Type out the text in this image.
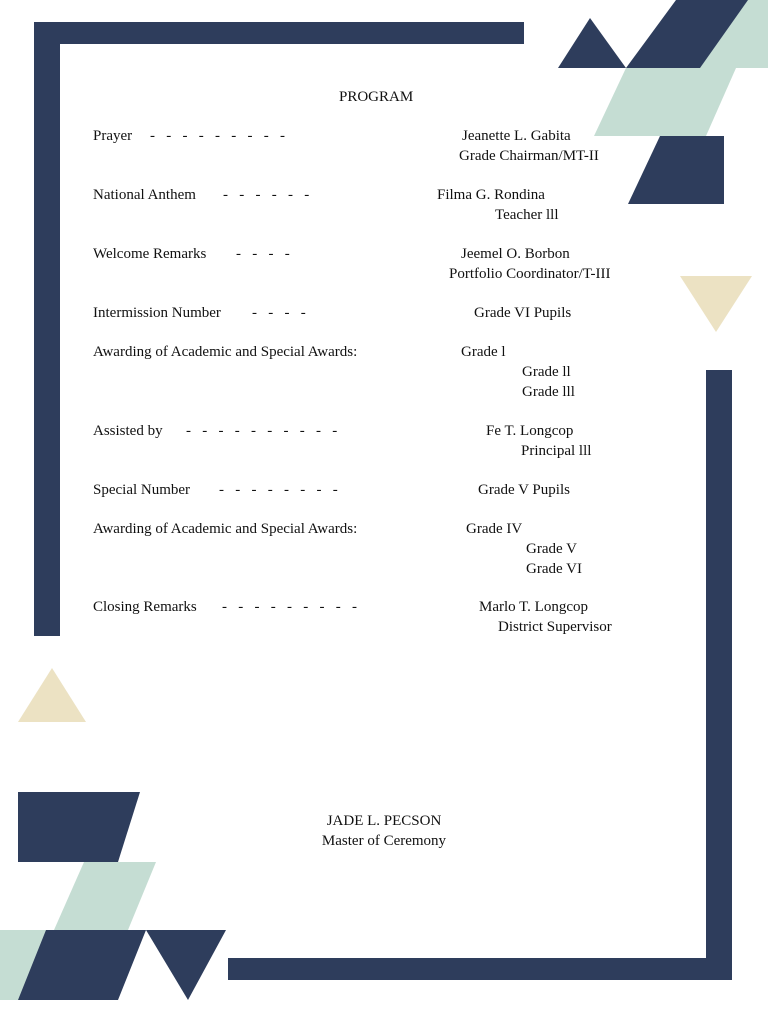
PROGRAM
Prayer -   -   -   -   -   -   -   -   -	Jeanette L. Gabita
Grade Chairman/MT-II
National Anthem -   -   -   -   -   -	Filma G. Rondina
Teacher lll
Welcome Remarks -   -   -   -	Jeemel O. Borbon
Portfolio Coordinator/T-III
Intermission Number -   -   -   -	Grade VI Pupils
Awarding of Academic and Special Awards:	Grade l
Grade ll
Grade lll
Assisted by -   -   -   -   -   -   -   -   -   -	Fe T. Longcop
Principal lll
Special Number -   -   -   -   -   -   -   -	Grade V Pupils
Awarding of Academic and Special Awards:	Grade IV
Grade V
Grade VI
Closing Remarks -   -   -   -   -   -   -   -   -	Marlo T. Longcop
District Supervisor
JADE L. PECSON
Master of Ceremony
